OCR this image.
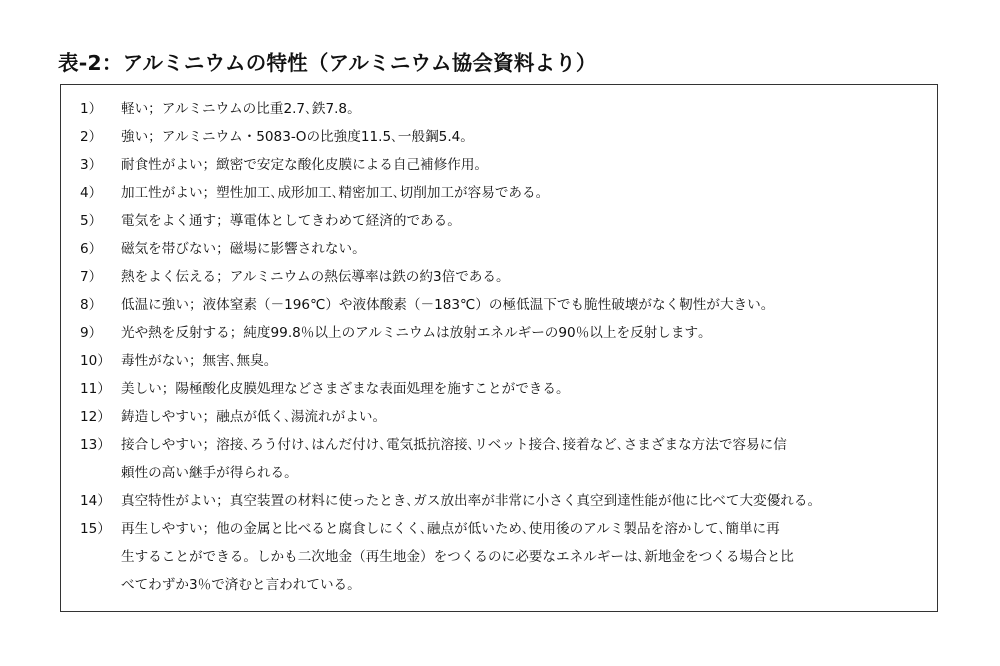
表-2：アルミニウムの特性（アルミニウム協会資料より）
1） 軽い；アルミニウムの比重2.7､鉄7.8｡
2） 強い；アルミニウム・5083-Oの比強度11.5､一般鋼5.4｡
3） 耐食性がよい；緻密で安定な酸化皮膜による自己補修作用｡
4） 加工性がよい；塑性加工､成形加工､精密加工､切削加工が容易である｡
5） 電気をよく通す；導電体としてきわめて経済的である｡
6） 磁気を帯びない；磁場に影響されない｡
7） 熱をよく伝える；アルミニウムの熱伝導率は鉄の約3倍である｡
8） 低温に強い；液体窒素（－196℃）や液体酸素（－183℃）の極低温下でも脆性破壊がなく靭性が大きい｡
9） 光や熱を反射する；純度99.8％以上のアルミニウムは放射エネルギーの90％以上を反射します｡
10） 毒性がない；無害､無臭｡
11） 美しい；陽極酸化皮膜処理などさまざまな表面処理を施すことができる｡
12） 鋳造しやすい；融点が低く､湯流れがよい｡
13） 接合しやすい；溶接､ろう付け､はんだ付け､電気抵抗溶接､リベット接合､接着など､さまざまな方法で容易に信
頼性の高い継手が得られる｡
14） 真空特性がよい；真空装置の材料に使ったとき､ガス放出率が非常に小さく真空到達性能が他に比べて大変優れる｡
15） 再生しやすい；他の金属と比べると腐食しにくく､融点が低いため､使用後のアルミ製品を溶かして､簡単に再
生することができる。しかも二次地金（再生地金）をつくるのに必要なエネルギーは､新地金をつくる場合と比
べてわずか3％で済むと言われている。
